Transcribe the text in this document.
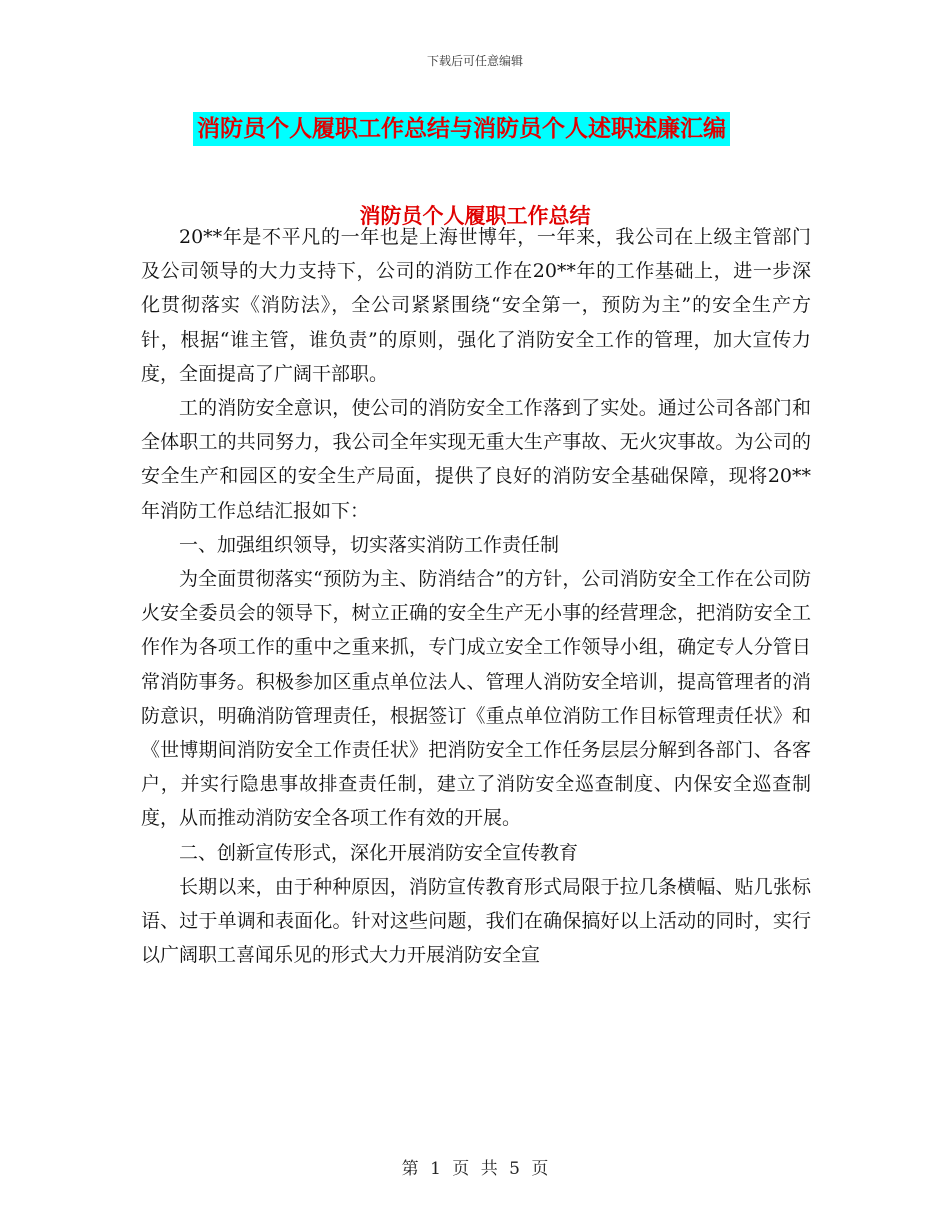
下载后可任意编辑
消防员个人履职工作总结与消防员个人述职述廉汇编
消防员个人履职工作总结

20**年是不平凡的一年也是上海世博年，一年来，我公司在上级主管部门及公司领导的大力支持下，公司的消防工作在20**年的工作基础上，进一步深化贯彻落实《消防法》，全公司紧紧围绕“安全第一，预防为主”的安全生产方针，根据“谁主管，谁负责”的原则，强化了消防安全工作的管理，加大宣传力度，全面提高了广阔干部职。

工的消防安全意识，使公司的消防安全工作落到了实处。通过公司各部门和全体职工的共同努力，我公司全年实现无重大生产事故、无火灾事故。为公司的安全生产和园区的安全生产局面，提供了良好的消防安全基础保障，现将20**年消防工作总结汇报如下：

一、加强组织领导，切实落实消防工作责任制

为全面贯彻落实“预防为主、防消结合”的方针，公司消防安全工作在公司防火安全委员会的领导下，树立正确的安全生产无小事的经营理念，把消防安全工作作为各项工作的重中之重来抓，专门成立安全工作领导小组，确定专人分管日常消防事务。积极参加区重点单位法人、管理人消防安全培训，提高管理者的消防意识，明确消防管理责任，根据签订《重点单位消防工作目标管理责任状》和《世博期间消防安全工作责任状》把消防安全工作任务层层分解到各部门、各客户，并实行隐患事故排查责任制，建立了消防安全巡查制度、内保安全巡查制度，从而推动消防安全各项工作有效的开展。

二、创新宣传形式，深化开展消防安全宣传教育

长期以来，由于种种原因，消防宣传教育形式局限于拉几条横幅、贴几张标语、过于单调和表面化。针对这些问题，我们在确保搞好以上活动的同时，实行以广阔职工喜闻乐见的形式大力开展消防安全宣

第 1 页 共 5 页
